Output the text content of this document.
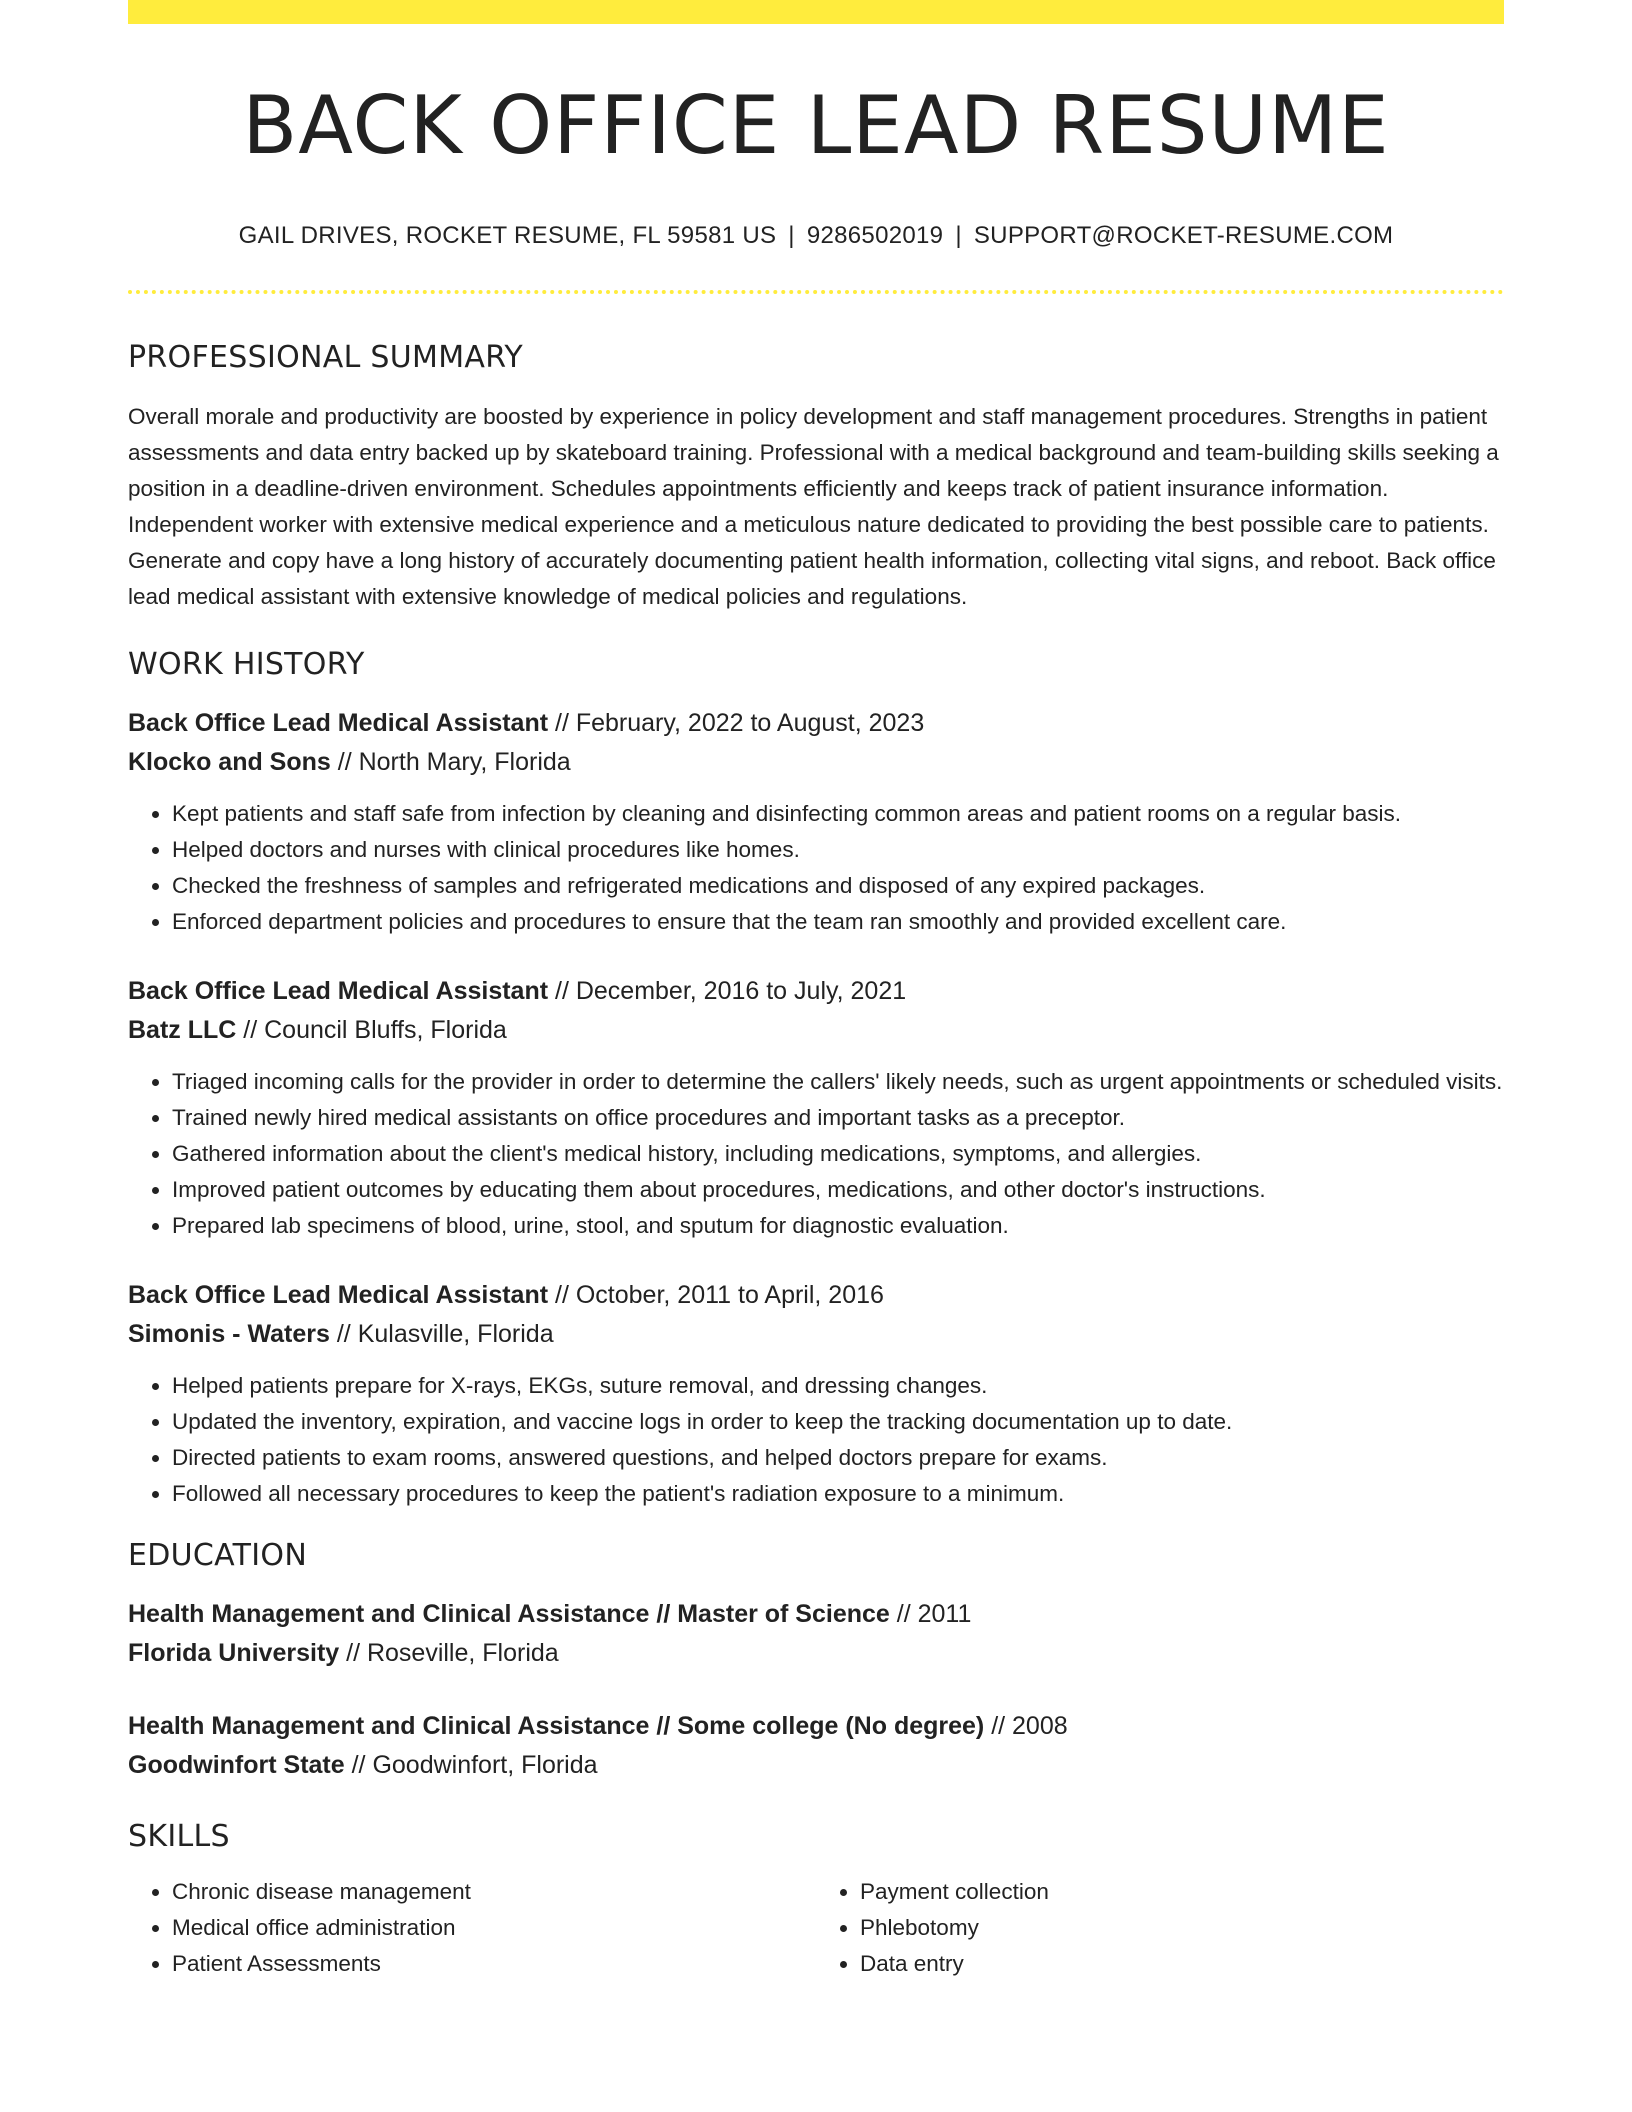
BACK OFFICE LEAD RESUME
GAIL DRIVES, ROCKET RESUME, FL 59581 US | 9286502019 | SUPPORT@ROCKET-RESUME.COM
PROFESSIONAL SUMMARY
Overall morale and productivity are boosted by experience in policy development and staff management procedures. Strengths in patient assessments and data entry backed up by skateboard training. Professional with a medical background and team-building skills seeking a position in a deadline-driven environment. Schedules appointments efficiently and keeps track of patient insurance information. Independent worker with extensive medical experience and a meticulous nature dedicated to providing the best possible care to patients. Generate and copy have a long history of accurately documenting patient health information, collecting vital signs, and reboot. Back office lead medical assistant with extensive knowledge of medical policies and regulations.
WORK HISTORY
Back Office Lead Medical Assistant // February, 2022 to August, 2023
Klocko and Sons // North Mary, Florida
• Kept patients and staff safe from infection by cleaning and disinfecting common areas and patient rooms on a regular basis.
• Helped doctors and nurses with clinical procedures like homes.
• Checked the freshness of samples and refrigerated medications and disposed of any expired packages.
• Enforced department policies and procedures to ensure that the team ran smoothly and provided excellent care.
Back Office Lead Medical Assistant // December, 2016 to July, 2021
Batz LLC // Council Bluffs, Florida
• Triaged incoming calls for the provider in order to determine the callers' likely needs, such as urgent appointments or scheduled visits.
• Trained newly hired medical assistants on office procedures and important tasks as a preceptor.
• Gathered information about the client's medical history, including medications, symptoms, and allergies.
• Improved patient outcomes by educating them about procedures, medications, and other doctor's instructions.
• Prepared lab specimens of blood, urine, stool, and sputum for diagnostic evaluation.
Back Office Lead Medical Assistant // October, 2011 to April, 2016
Simonis - Waters // Kulasville, Florida
• Helped patients prepare for X-rays, EKGs, suture removal, and dressing changes.
• Updated the inventory, expiration, and vaccine logs in order to keep the tracking documentation up to date.
• Directed patients to exam rooms, answered questions, and helped doctors prepare for exams.
• Followed all necessary procedures to keep the patient's radiation exposure to a minimum.
EDUCATION
Health Management and Clinical Assistance // Master of Science // 2011
Florida University // Roseville, Florida
Health Management and Clinical Assistance // Some college (No degree) // 2008
Goodwinfort State // Goodwinfort, Florida
SKILLS
• Chronic disease management
• Medical office administration
• Patient Assessments
• Payment collection
• Phlebotomy
• Data entry
